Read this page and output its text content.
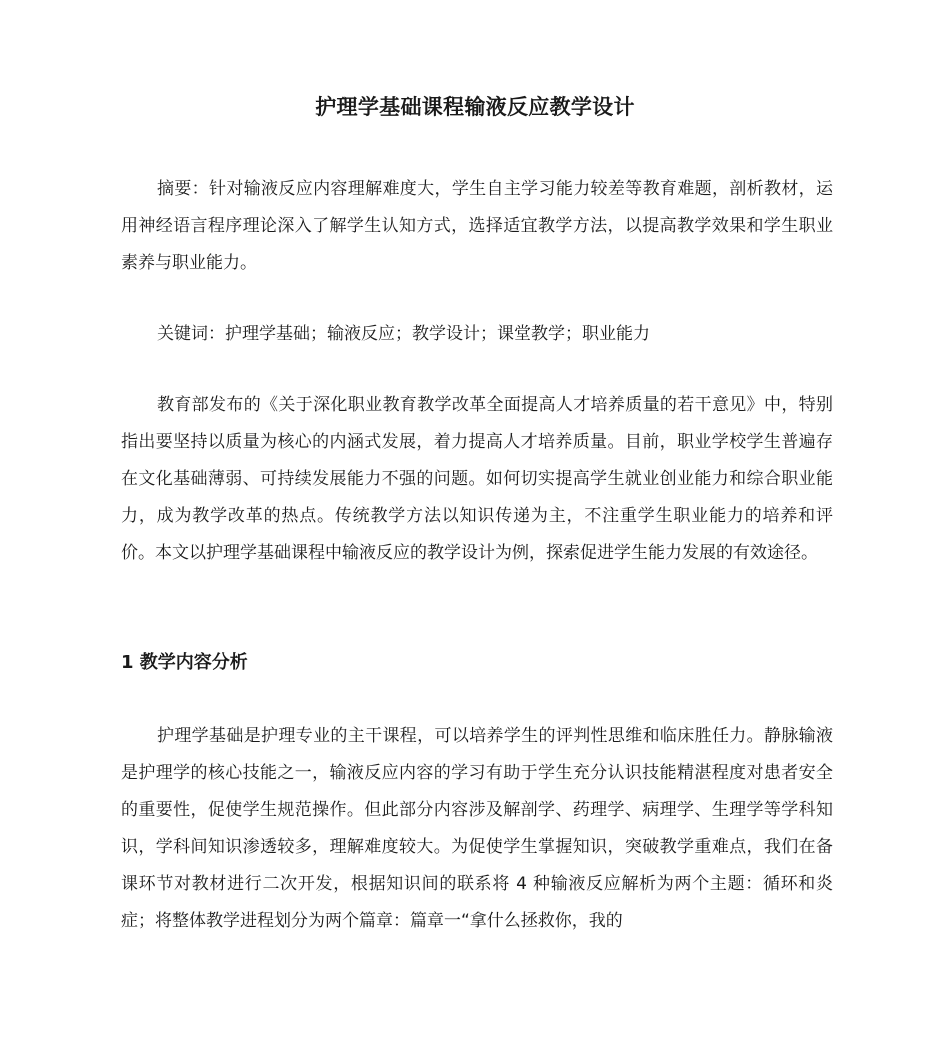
护理学基础课程输液反应教学设计

摘要：针对输液反应内容理解难度大，学生自主学习能力较差等教育难题，剖析教材，运用神经语言程序理论深入了解学生认知方式，选择适宜教学方法，以提高教学效果和学生职业素养与职业能力。

关键词：护理学基础；输液反应；教学设计；课堂教学；职业能力

教育部发布的《关于深化职业教育教学改革全面提高人才培养质量的若干意见》中，特别指出要坚持以质量为核心的内涵式发展，着力提高人才培养质量。目前，职业学校学生普遍存在文化基础薄弱、可持续发展能力不强的问题。如何切实提高学生就业创业能力和综合职业能力，成为教学改革的热点。传统教学方法以知识传递为主，不注重学生职业能力的培养和评价。本文以护理学基础课程中输液反应的教学设计为例，探索促进学生能力发展的有效途径。

1 教学内容分析

护理学基础是护理专业的主干课程，可以培养学生的评判性思维和临床胜任力。静脉输液是护理学的核心技能之一，输液反应内容的学习有助于学生充分认识技能精湛程度对患者安全的重要性，促使学生规范操作。但此部分内容涉及解剖学、药理学、病理学、生理学等学科知识，学科间知识渗透较多，理解难度较大。为促使学生掌握知识，突破教学重难点，我们在备课环节对教材进行二次开发，根据知识间的联系将 4 种输液反应解析为两个主题：循环和炎症；将整体教学进程划分为两个篇章：篇章一“拿什么拯救你，我的
